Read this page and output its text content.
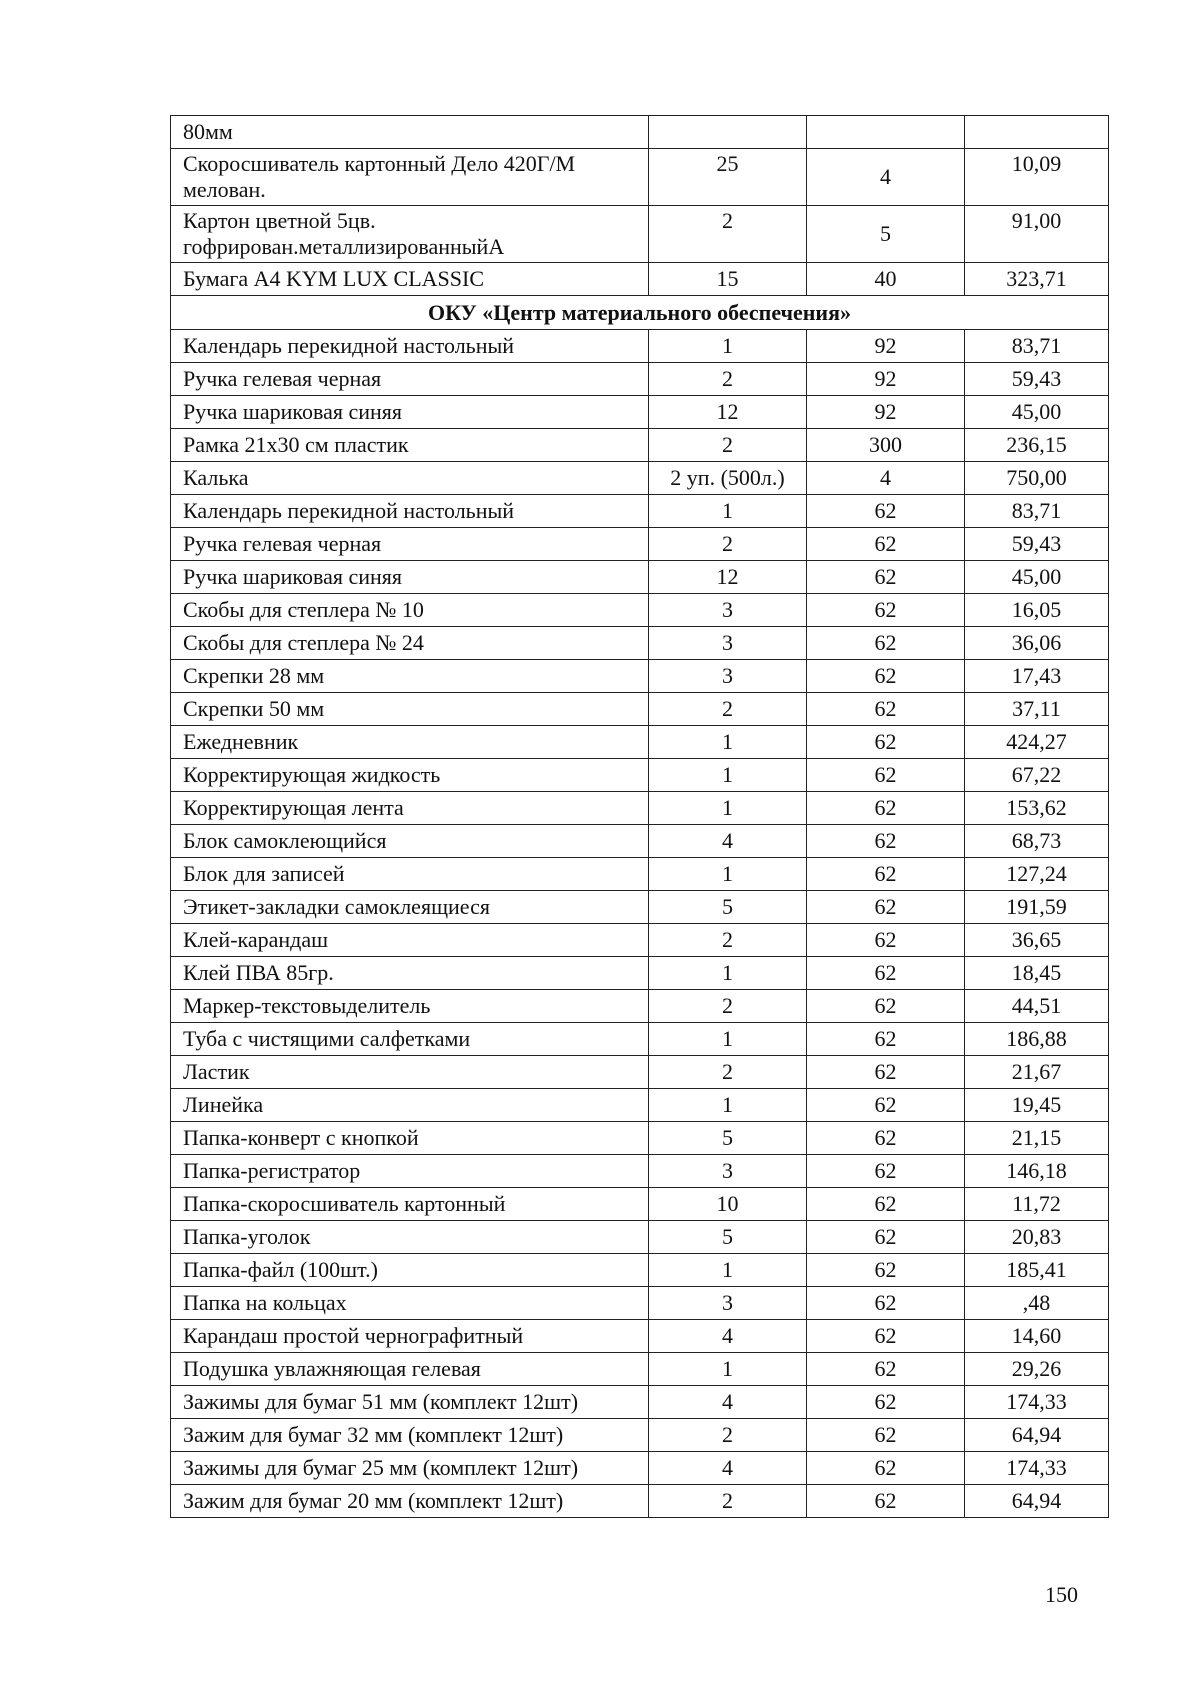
80мм			
Скоросшиватель картонный Дело 420Г/М мелован.	25	4	10,09
Картон цветной 5цв. гофрирован.металлизированныйА	2	5	91,00
Бумага А4 KYM LUX CLASSIC	15	40	323,71
ОКУ «Центр материального обеспечения»			
Календарь перекидной настольный	1	92	83,71
Ручка гелевая черная	2	92	59,43
Ручка шариковая синяя	12	92	45,00
Рамка 21х30 см пластик	2	300	236,15
Калька	2 уп. (500л.)	4	750,00
Календарь перекидной настольный	1	62	83,71
Ручка гелевая черная	2	62	59,43
Ручка шариковая синяя	12	62	45,00
Скобы для степлера № 10	3	62	16,05
Скобы для степлера № 24	3	62	36,06
Скрепки 28 мм	3	62	17,43
Скрепки 50 мм	2	62	37,11
Ежедневник	1	62	424,27
Корректирующая жидкость	1	62	67,22
Корректирующая лента	1	62	153,62
Блок самоклеющийся	4	62	68,73
Блок для записей	1	62	127,24
Этикет-закладки самоклеящиеся	5	62	191,59
Клей-карандаш	2	62	36,65
Клей ПВА 85гр.	1	62	18,45
Маркер-текстовыделитель	2	62	44,51
Туба с чистящими салфетками	1	62	186,88
Ластик	2	62	21,67
Линейка	1	62	19,45
Папка-конверт с кнопкой	5	62	21,15
Папка-регистратор	3	62	146,18
Папка-скоросшиватель картонный	10	62	11,72
Папка-уголок	5	62	20,83
Папка-файл (100шт.)	1	62	185,41
Папка на кольцах	3	62	,48
Карандаш простой чернографитный	4	62	14,60
Подушка увлажняющая гелевая	1	62	29,26
Зажимы для бумаг 51 мм (комплект 12шт)	4	62	174,33
Зажим для бумаг 32 мм (комплект 12шт)	2	62	64,94
Зажимы для бумаг 25 мм (комплект 12шт)	4	62	174,33
Зажим для бумаг 20 мм (комплект 12шт)	2	62	64,94
150
